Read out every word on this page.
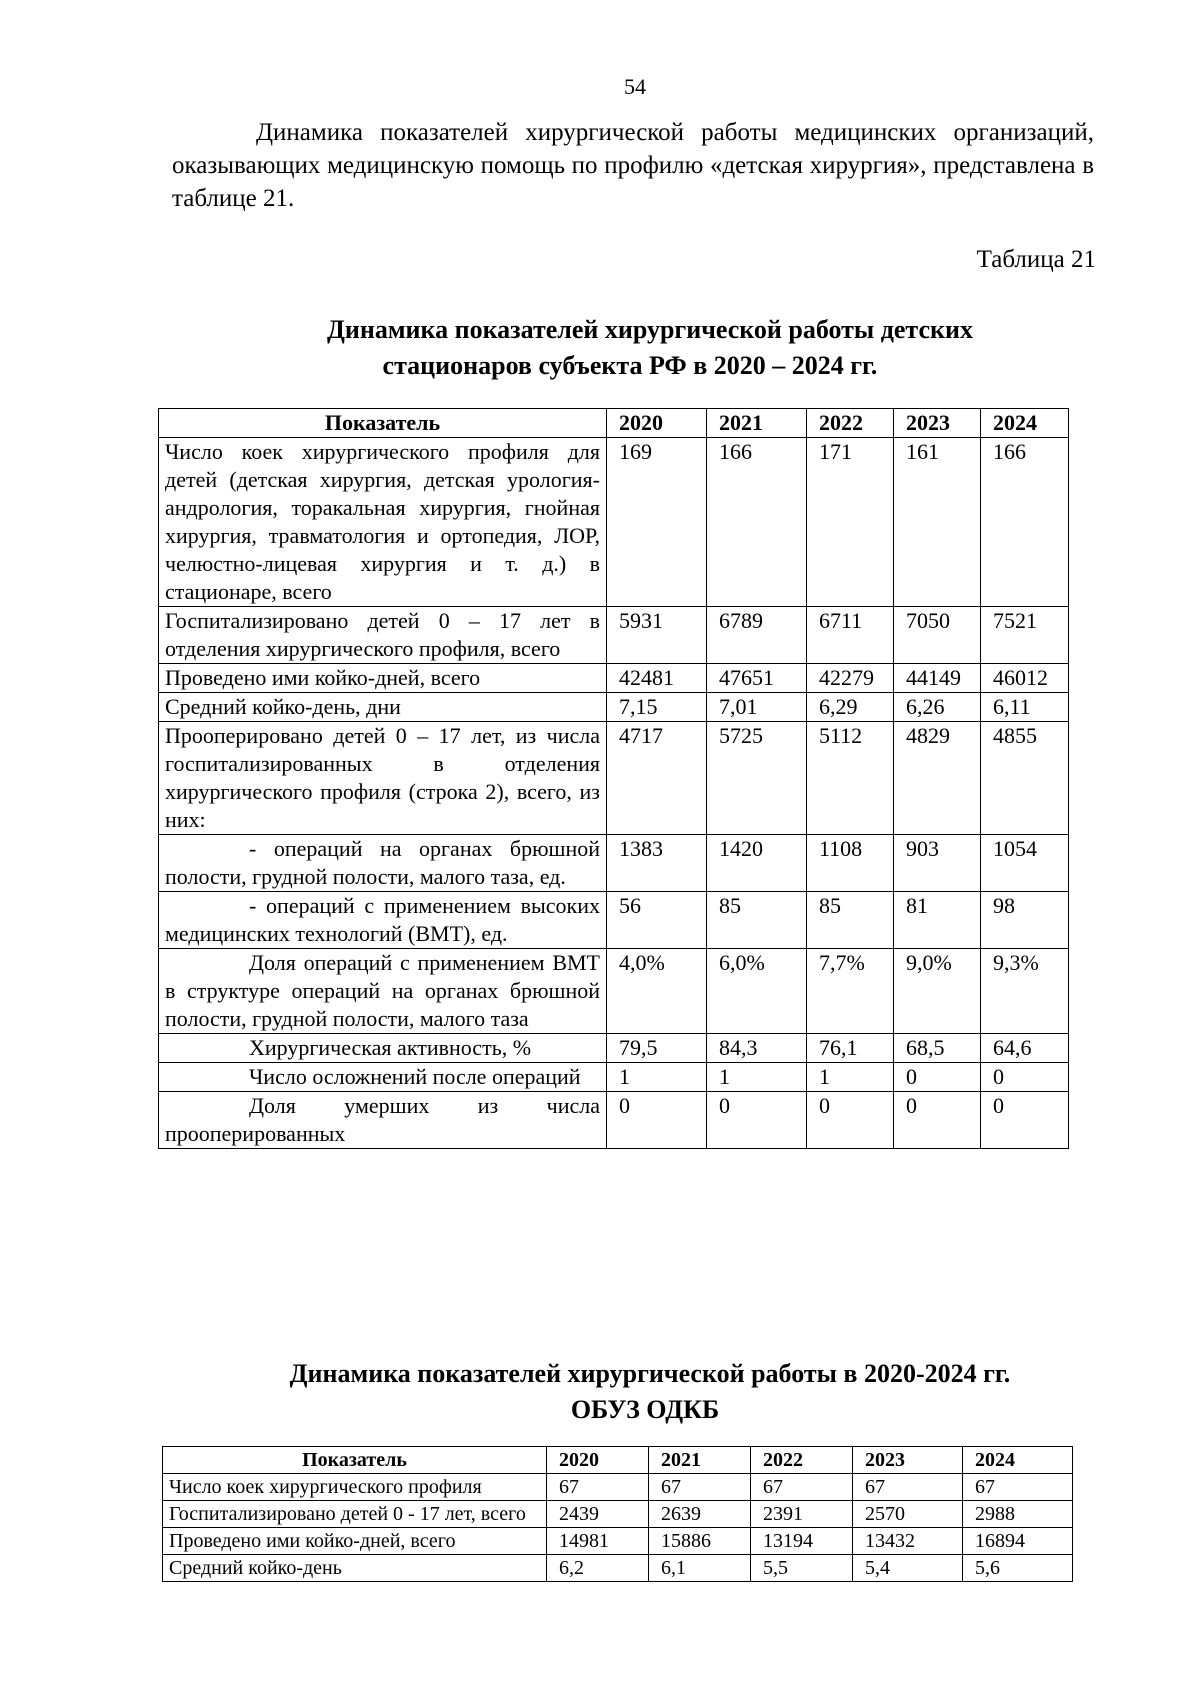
54

Динамика показателей хирургической работы медицинских организаций, оказывающих медицинскую помощь по профилю «детская хирургия», представлена в таблице 21.

Таблица 21
Динамика показателей хирургической работы детских
стационаров субъекта РФ в 2020 – 2024 гг.
Показатель	2020	2021	2022	2023	2024
Число коек хирургического профиля для детей (детская хирургия, детская урология-андрология, торакальная хирургия, гнойная хирургия, травматология и ортопедия, ЛОР, челюстно-лицевая хирургия и т. д.) в стационаре, всего	169	166	171	161	166
Госпитализировано детей 0 – 17 лет в отделения хирургического профиля, всего	5931	6789	6711	7050	7521
Проведено ими койко-дней, всего	42481	47651	42279	44149	46012
Средний койко-день, дни	7,15	7,01	6,29	6,26	6,11
Прооперировано детей 0 – 17 лет, из числа госпитализированных в отделения хирургического профиля (строка 2), всего, из них:	4717	5725	5112	4829	4855
- операций на органах брюшной полости, грудной полости, малого таза, ед.	1383	1420	1108	903	1054
- операций с применением высоких медицинских технологий (ВМТ), ед.	56	85	85	81	98
Доля операций с применением ВМТ в структуре операций на органах брюшной полости, грудной полости, малого таза	4,0%	6,0%	7,7%	9,0%	9,3%
Хирургическая активность, %	79,5	84,3	76,1	68,5	64,6
Число осложнений после операций	1	1	1	0	0
Доля умерших из числа прооперированных	0	0	0	0	0
Динамика показателей хирургической работы в 2020-2024 гг.
ОБУЗ ОДКБ
Показатель	2020	2021	2022	2023	2024
Число коек хирургического профиля	67	67	67	67	67
Госпитализировано детей 0 - 17 лет, всего	2439	2639	2391	2570	2988
Проведено ими койко-дней, всего	14981	15886	13194	13432	16894
Средний койко-день	6,2	6,1	5,5	5,4	5,6
